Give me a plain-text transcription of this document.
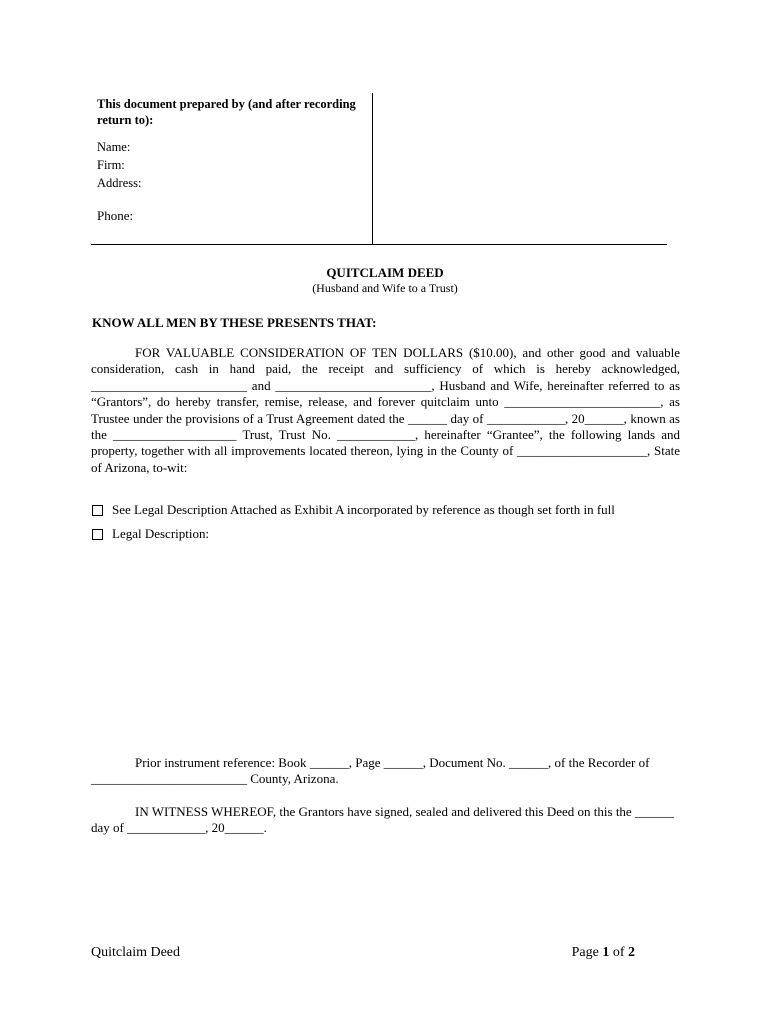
This document prepared by (and after recording return to):
Name:
Firm:
Address:
Phone:
QUITCLAIM DEED
(Husband and Wife to a Trust)
KNOW ALL MEN BY THESE PRESENTS THAT:
FOR VALUABLE CONSIDERATION OF TEN DOLLARS ($10.00), and other good and valuable consideration, cash in hand paid, the receipt and sufficiency of which is hereby acknowledged, ________________________ and ________________________, Husband and Wife, hereinafter referred to as “Grantors”, do hereby transfer, remise, release, and forever quitclaim unto ________________________, as Trustee under the provisions of a Trust Agreement dated the ______ day of ____________, 20______, known as the ___________________ Trust, Trust No. ____________, hereinafter “Grantee”, the following lands and property, together with all improvements located thereon, lying in the County of ____________________, State of Arizona, to-wit:
See Legal Description Attached as Exhibit A incorporated by reference as though set forth in full
Legal Description:
Prior instrument reference: Book ______, Page ______, Document No. ______, of the Recorder of ________________________ County, Arizona.
IN WITNESS WHEREOF, the Grantors have signed, sealed and delivered this Deed on this the ______ day of ____________, 20______.
Quitclaim Deed	Page 1 of 2
